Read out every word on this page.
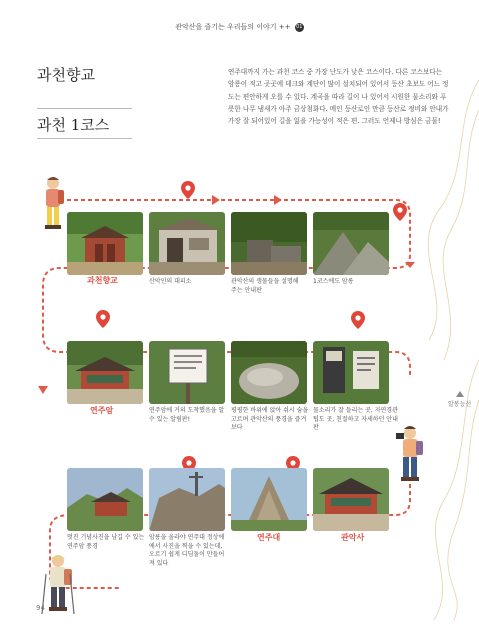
관악산을 즐기는 우리들의 이야기 ++ 01
과천향교
과천 1코스
연주대까지 가는 과천 코스 중 가장 난도가 낮은 코스이다. 다른 코스보다는 암릉이 적고 곳곳에 데크와 계단이 많이 설치되어 있어서 등산 초보도 어느 정도는 편안하게 오를 수 있다. 계곡을 따라 길이 나 있어서 시원한 물소리와 푸릇한 나무 냄새가 아주 금상첨화다. 메인 등산로인 만큼 등산로 정비와 안내가 가장 잘 되어있어 길을 잃을 가능성이 적은 편. 그러도 언제나 방심은 금물!
과천향교	산악인의 대피소	관악산의 생물들을 설명해주는 안내판
1코스에도 암릉
연주암	연주암에 거의 도착했음을 알 수 있는 알림판!
평평한 바위에 앉아 쉬시 숨을 고르며 관악산의 풍경을 즐겨보다
물소리가 잘 들리는 곳, 자연경관 팁도 곳, 친절하고 자세하던 안내판
멋진 기념사진을 남길 수 있는 연주암 풍경
암릉을 올라야 연주대 정상에에서 사진을 찍을 수 있는데, 오르기 쉽게 디딤돌이 만들어져 있다
연주대	관악사
알봉능선
94
